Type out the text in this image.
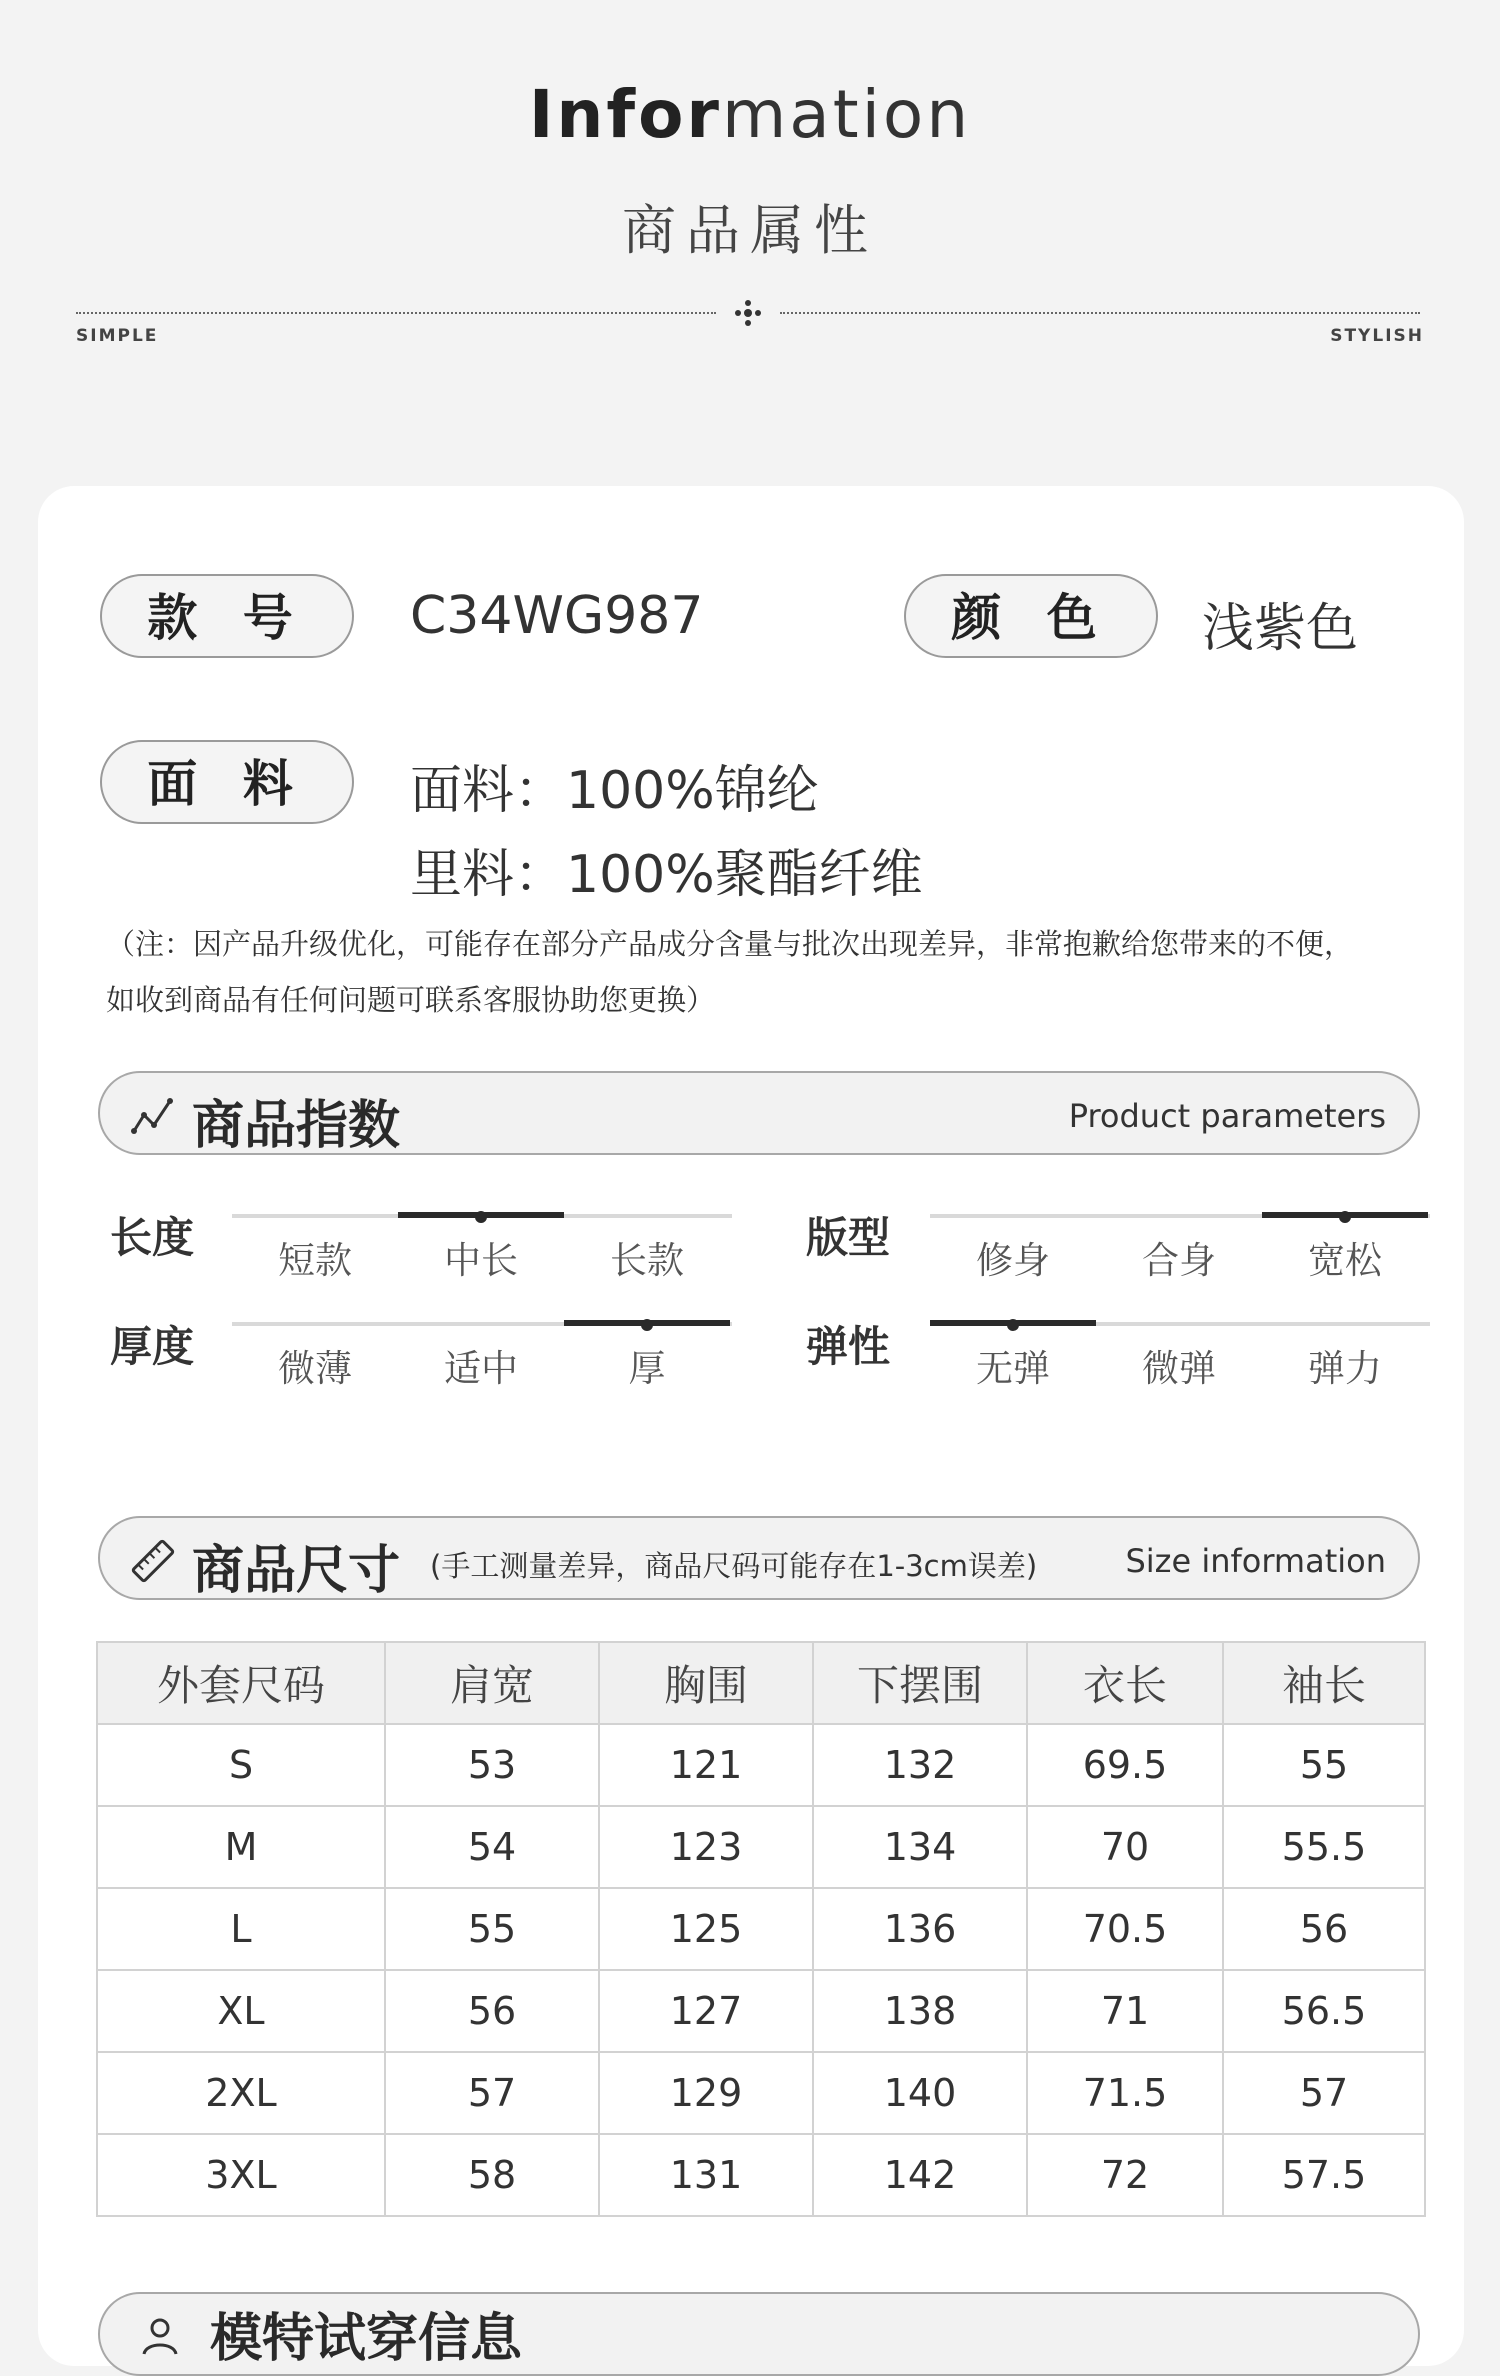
Information
商品属性
SIMPLE	STYLISH
款 号	C34WG987	颜 色	浅紫色
面 料	面料：100%锦纶
里料：100%聚酯纤维
（注：因产品升级优化，可能存在部分产品成分含量与批次出现差异，非常抱歉给您带来的不便，
如收到商品有任何问题可联系客服协助您更换）
商品指数	Product parameters
长度	短款	中长	长款	版型	修身	合身	宽松
厚度	微薄	适中	厚	弹性	无弹	微弹	弹力
商品尺寸 (手工测量差异，商品尺码可能存在1-3cm误差)	Size information
外套尺码	肩宽	胸围	下摆围	衣长	袖长
S	53	121	132	69.5	55
M	54	123	134	70	55.5
L	55	125	136	70.5	56
XL	56	127	138	71	56.5
2XL	57	129	140	71.5	57
3XL	58	131	142	72	57.5
模特试穿信息
